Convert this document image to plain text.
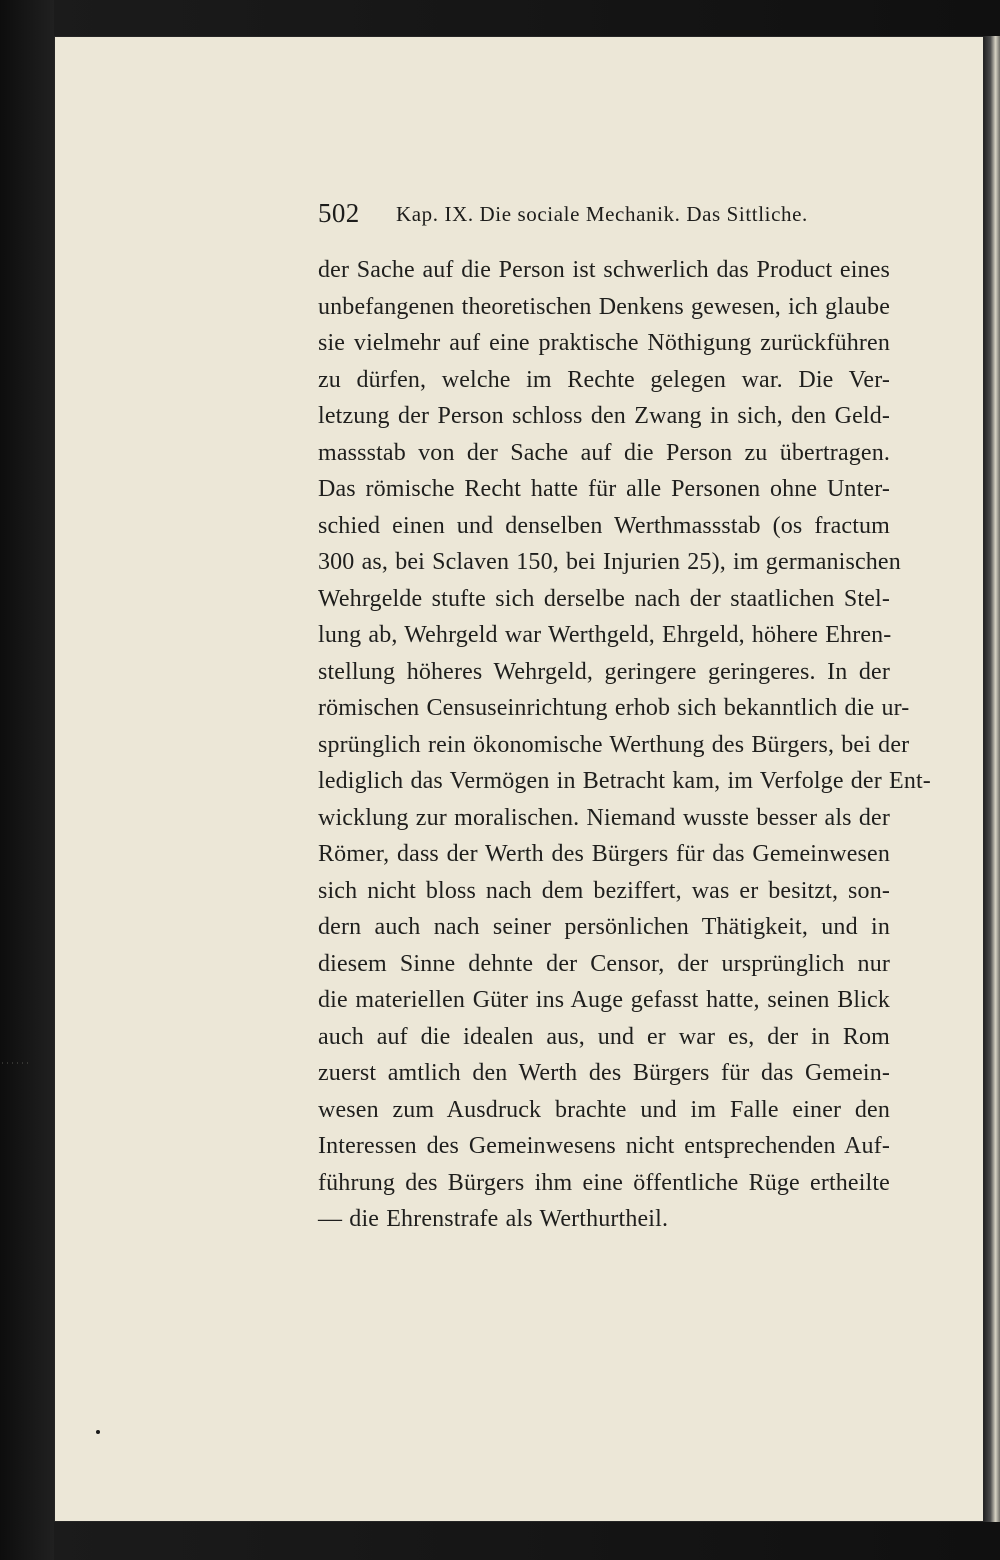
502 Kap. IX. Die sociale Mechanik. Das Sittliche.
der Sache auf die Person ist schwerlich das Product eines
unbefangenen theoretischen Denkens gewesen, ich glaube
sie vielmehr auf eine praktische Nöthigung zurückführen
zu dürfen, welche im Rechte gelegen war. Die Ver-
letzung der Person schloss den Zwang in sich, den Geld-
massstab von der Sache auf die Person zu übertragen.
Das römische Recht hatte für alle Personen ohne Unter-
schied einen und denselben Werthmassstab (os fractum
300 as, bei Sclaven 150, bei Injurien 25), im germanischen
Wehrgelde stufte sich derselbe nach der staatlichen Stel-
lung ab, Wehrgeld war Werthgeld, Ehrgeld, höhere Ehren-
stellung höheres Wehrgeld, geringere geringeres. In der
römischen Censuseinrichtung erhob sich bekanntlich die ur-
sprünglich rein ökonomische Werthung des Bürgers, bei der
lediglich das Vermögen in Betracht kam, im Verfolge der Ent-
wicklung zur moralischen. Niemand wusste besser als der
Römer, dass der Werth des Bürgers für das Gemeinwesen
sich nicht bloss nach dem beziffert, was er besitzt, son-
dern auch nach seiner persönlichen Thätigkeit, und in
diesem Sinne dehnte der Censor, der ursprünglich nur
die materiellen Güter ins Auge gefasst hatte, seinen Blick
auch auf die idealen aus, und er war es, der in Rom
zuerst amtlich den Werth des Bürgers für das Gemein-
wesen zum Ausdruck brachte und im Falle einer den
Interessen des Gemeinwesens nicht entsprechenden Auf-
führung des Bürgers ihm eine öffentliche Rüge ertheilte
— die Ehrenstrafe als Werthurtheil.
˙˙˙˙˙˙
